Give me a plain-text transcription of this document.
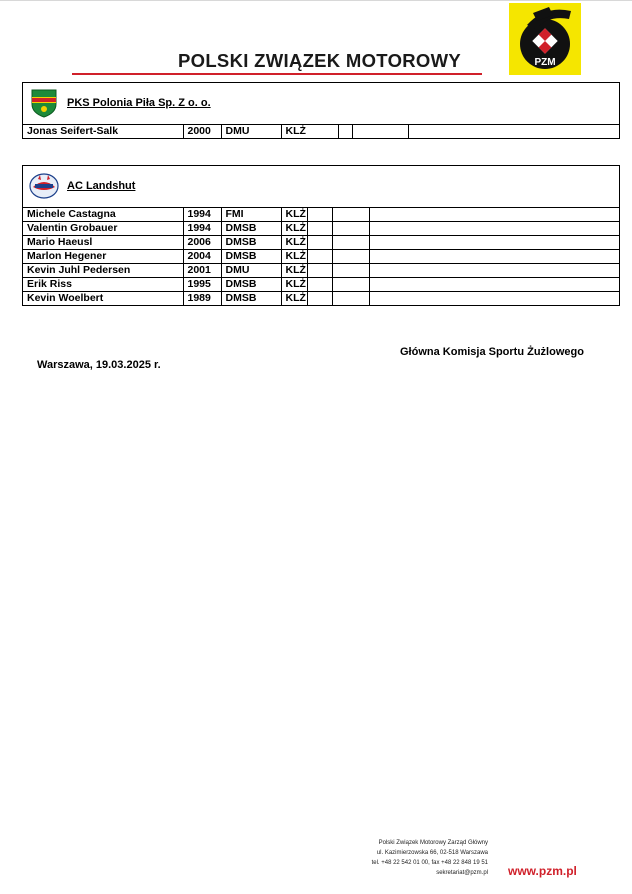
POLSKI ZWIĄZEK MOTOROWY	PZM
PKS Polonia Piła Sp. Z o. o.
Jonas Seifert-Salk	2000	DMU	KLŻ			
AC Landshut
Michele Castagna	1994	FMI	KLŻ			
Valentin Grobauer	1994	DMSB	KLŻ			
Mario Haeusl	2006	DMSB	KLŻ			
Marlon Hegener	2004	DMSB	KLŻ			
Kevin Juhl Pedersen	2001	DMU	KLŻ			
Erik Riss	1995	DMSB	KLŻ			
Kevin Woelbert	1989	DMSB	KLŻ			
Główna Komisja Sportu Żużlowego
Warszawa, 19.03.2025 r.
Polski Związek Motorowy Zarząd Główny
ul. Kazimierzowska 66, 02-518 Warszawa
tel. +48 22 542 01 00, fax +48 22 848 19 51
sekretariat@pzm.pl www.pzm.pl
